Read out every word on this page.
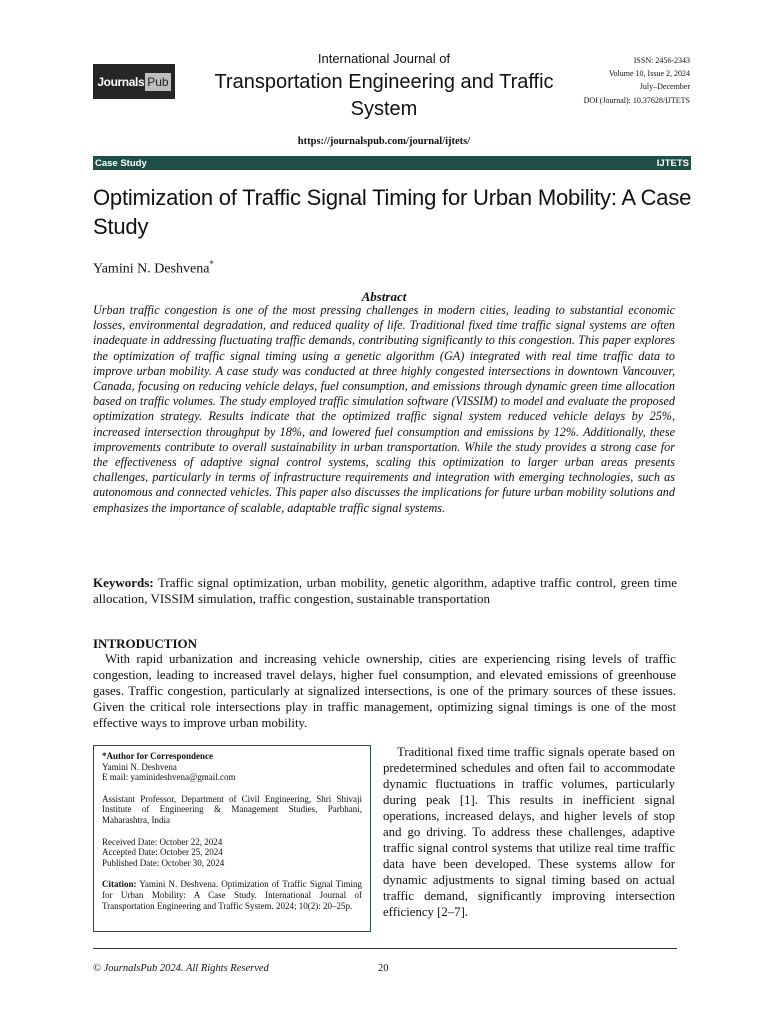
Journals Pub
International Journal of
Transportation Engineering and Traffic System
https://journalspub.com/journal/ijtets/
ISSN: 2456-2343
Volume 10, Issue 2, 2024
July–December
DOI (Journal): 10.37628/IJTETS
Case Study	IJTETS
Optimization of Traffic Signal Timing for Urban Mobility: A Case Study
Yamini N. Deshvena*
Abstract
Urban traffic congestion is one of the most pressing challenges in modern cities, leading to substantial economic losses, environmental degradation, and reduced quality of life. Traditional fixed time traffic signal systems are often inadequate in addressing fluctuating traffic demands, contributing significantly to this congestion. This paper explores the optimization of traffic signal timing using a genetic algorithm (GA) integrated with real time traffic data to improve urban mobility. A case study was conducted at three highly congested intersections in downtown Vancouver, Canada, focusing on reducing vehicle delays, fuel consumption, and emissions through dynamic green time allocation based on traffic volumes. The study employed traffic simulation software (VISSIM) to model and evaluate the proposed optimization strategy. Results indicate that the optimized traffic signal system reduced vehicle delays by 25%, increased intersection throughput by 18%, and lowered fuel consumption and emissions by 12%. Additionally, these improvements contribute to overall sustainability in urban transportation. While the study provides a strong case for the effectiveness of adaptive signal control systems, scaling this optimization to larger urban areas presents challenges, particularly in terms of infrastructure requirements and integration with emerging technologies, such as autonomous and connected vehicles. This paper also discusses the implications for future urban mobility solutions and emphasizes the importance of scalable, adaptable traffic signal systems.
Keywords: Traffic signal optimization, urban mobility, genetic algorithm, adaptive traffic control, green time allocation, VISSIM simulation, traffic congestion, sustainable transportation
INTRODUCTION
With rapid urbanization and increasing vehicle ownership, cities are experiencing rising levels of traffic congestion, leading to increased travel delays, higher fuel consumption, and elevated emissions of greenhouse gases. Traffic congestion, particularly at signalized intersections, is one of the primary sources of these issues. Given the critical role intersections play in traffic management, optimizing signal timings is one of the most effective ways to improve urban mobility.

*Author for Correspondence

Yamini N. Deshvena

E mail: yaminideshvena@gmail.com

Assistant Professor, Department of Civil Engineering, Shri Shivaji Institute of Engineering & Management Studies, Parbhani, Maharashtra, India

Received Date: October 22, 2024

Accepted Date: October 25, 2024

Published Date: October 30, 2024

Citation: Yamini N. Deshvena. Optimization of Traffic Signal Timing for Urban Mobility: A Case Study. International Journal of Transportation Engineering and Traffic System. 2024; 10(2): 20–25p.

Traditional fixed time traffic signals operate based on predetermined schedules and often fail to accommodate dynamic fluctuations in traffic volumes, particularly during peak [1]. This results in inefficient signal operations, increased delays, and higher levels of stop and go driving. To address these challenges, adaptive traffic signal control systems that utilize real time traffic data have been developed. These systems allow for dynamic adjustments to signal timing based on actual traffic demand, significantly improving intersection efficiency [2–7].
© JournalsPub 2024. All Rights Reserved	20
